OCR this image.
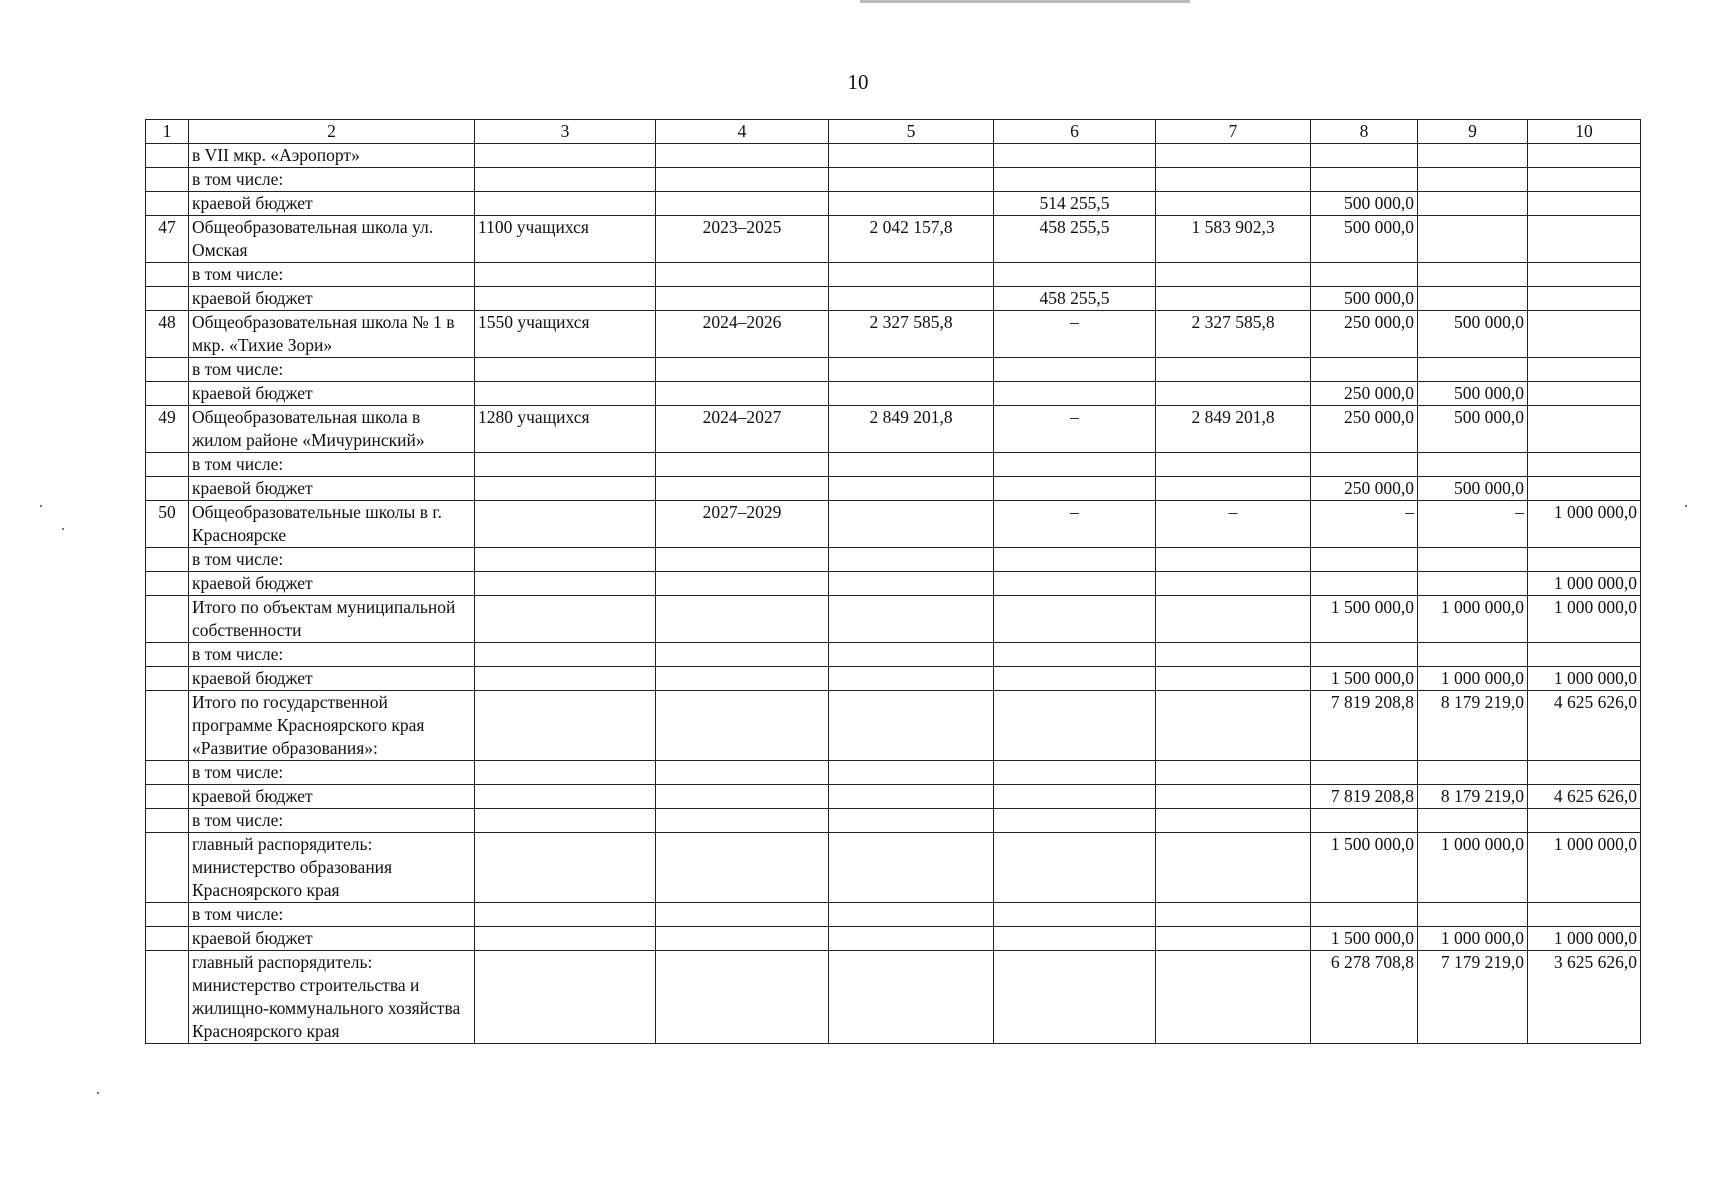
10
1	2	3	4	5	6	7	8	9	10
	в VII мкр. «Аэропорт»								
	в том числе:								
	краевой бюджет				514 255,5		500 000,0		
47	Общеобразовательная школа ул. Омская	1100 учащихся	2023–2025	2 042 157,8	458 255,5	1 583 902,3	500 000,0		
	в том числе:								
	краевой бюджет				458 255,5		500 000,0		
48	Общеобразовательная школа № 1 в мкр. «Тихие Зори»	1550 учащихся	2024–2026	2 327 585,8	–	2 327 585,8	250 000,0	500 000,0	
	в том числе:								
	краевой бюджет						250 000,0	500 000,0	
49	Общеобразовательная школа в жилом районе «Мичуринский»	1280 учащихся	2024–2027	2 849 201,8	–	2 849 201,8	250 000,0	500 000,0	
	в том числе:								
	краевой бюджет						250 000,0	500 000,0	
50	Общеобразовательные школы в г. Красноярске		2027–2029		–	–	–	–	1 000 000,0
	в том числе:								
	краевой бюджет								1 000 000,0
	Итого по объектам муниципальной собственности						1 500 000,0	1 000 000,0	1 000 000,0
	в том числе:								
	краевой бюджет						1 500 000,0	1 000 000,0	1 000 000,0
	Итого по государственной программе Красноярского края «Развитие образования»:						7 819 208,8	8 179 219,0	4 625 626,0
	в том числе:								
	краевой бюджет						7 819 208,8	8 179 219,0	4 625 626,0
	в том числе:								
	главный распорядитель: министерство образования Красноярского края						1 500 000,0	1 000 000,0	1 000 000,0
	в том числе:								
	краевой бюджет						1 500 000,0	1 000 000,0	1 000 000,0
	главный распорядитель: министерство строительства и жилищно-коммунального хозяйства Красноярского края						6 278 708,8	7 179 219,0	3 625 626,0
